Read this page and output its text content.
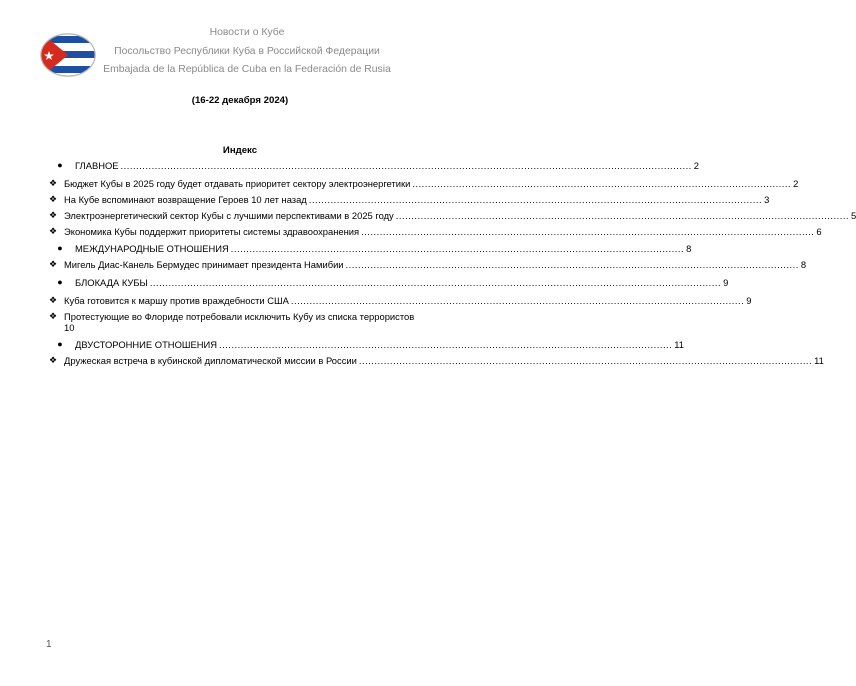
Новости о Кубе
Посольство Республики Куба в Российской Федерации
Embajada de la República de Cuba en la Federación de Rusia
(16-22 декабря 2024)
Индекс
●	ГЛАВНОЕ ........................................................................................................................................................................................ 2
❖ Бюджет Кубы в 2025 году будет отдавать приоритет сектору электроэнергетики .......................................................................................................................... 2
❖ На Кубе вспоминают возвращение Героев 10 лет назад .................................................................................................................................................. 3
❖ Электроэнергетический сектор Кубы с лучшими перспективами в 2025 году .................................................................................................................................................. 5
❖ Экономика Кубы поддержит приоритеты системы здравоохранения .................................................................................................................................................. 6
●	МЕЖДУНАРОДНЫЕ ОТНОШЕНИЯ .................................................................................................................................................. 8
❖ Мигель Диас-Канель Бермудес принимает президента Намибии .................................................................................................................................................. 8
●	БЛОКАДА КУБЫ ........................................................................................................................................................................................ 9
❖ Куба готовится к маршу против враждебности США .................................................................................................................................................. 9
❖ Протестующие во Флориде потребовали исключить Кубу из списка террористов
10
●	ДВУСТОРОННИЕ ОТНОШЕНИЯ .................................................................................................................................................. 11
❖ Дружеская встреча в кубинской дипломатической миссии в России .................................................................................................................................................. 11
1
